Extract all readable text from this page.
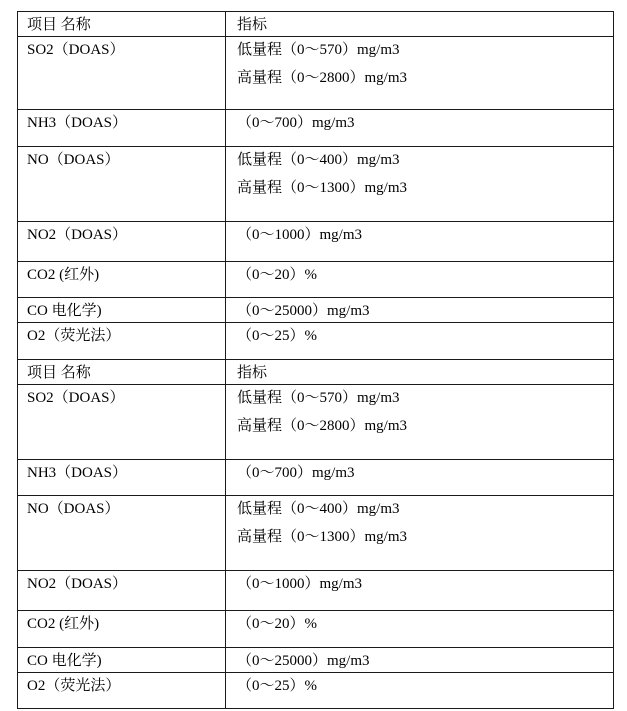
项目 名称	指标
SO2（DOAS）	低量程（0～570）mg/m3
高量程（0～2800）mg/m3

NH3（DOAS）	（0～700）mg/m3

NO（DOAS）	低量程（0～400）mg/m3
高量程（0～1300）mg/m3

NO2（DOAS）	（0～1000）mg/m3

CO2 (红外)	（0～20）%

CO 电化学)	（0～25000）mg/m3

O2（荧光法）	（0～25）%

项目 名称	指标
SO2（DOAS）	低量程（0～570）mg/m3
高量程（0～2800）mg/m3

NH3（DOAS）	（0～700）mg/m3

NO（DOAS）	低量程（0～400）mg/m3
高量程（0～1300）mg/m3

NO2（DOAS）	（0～1000）mg/m3

CO2 (红外)	（0～20）%

CO 电化学)	（0～25000）mg/m3

O2（荧光法）	（0～25）%
